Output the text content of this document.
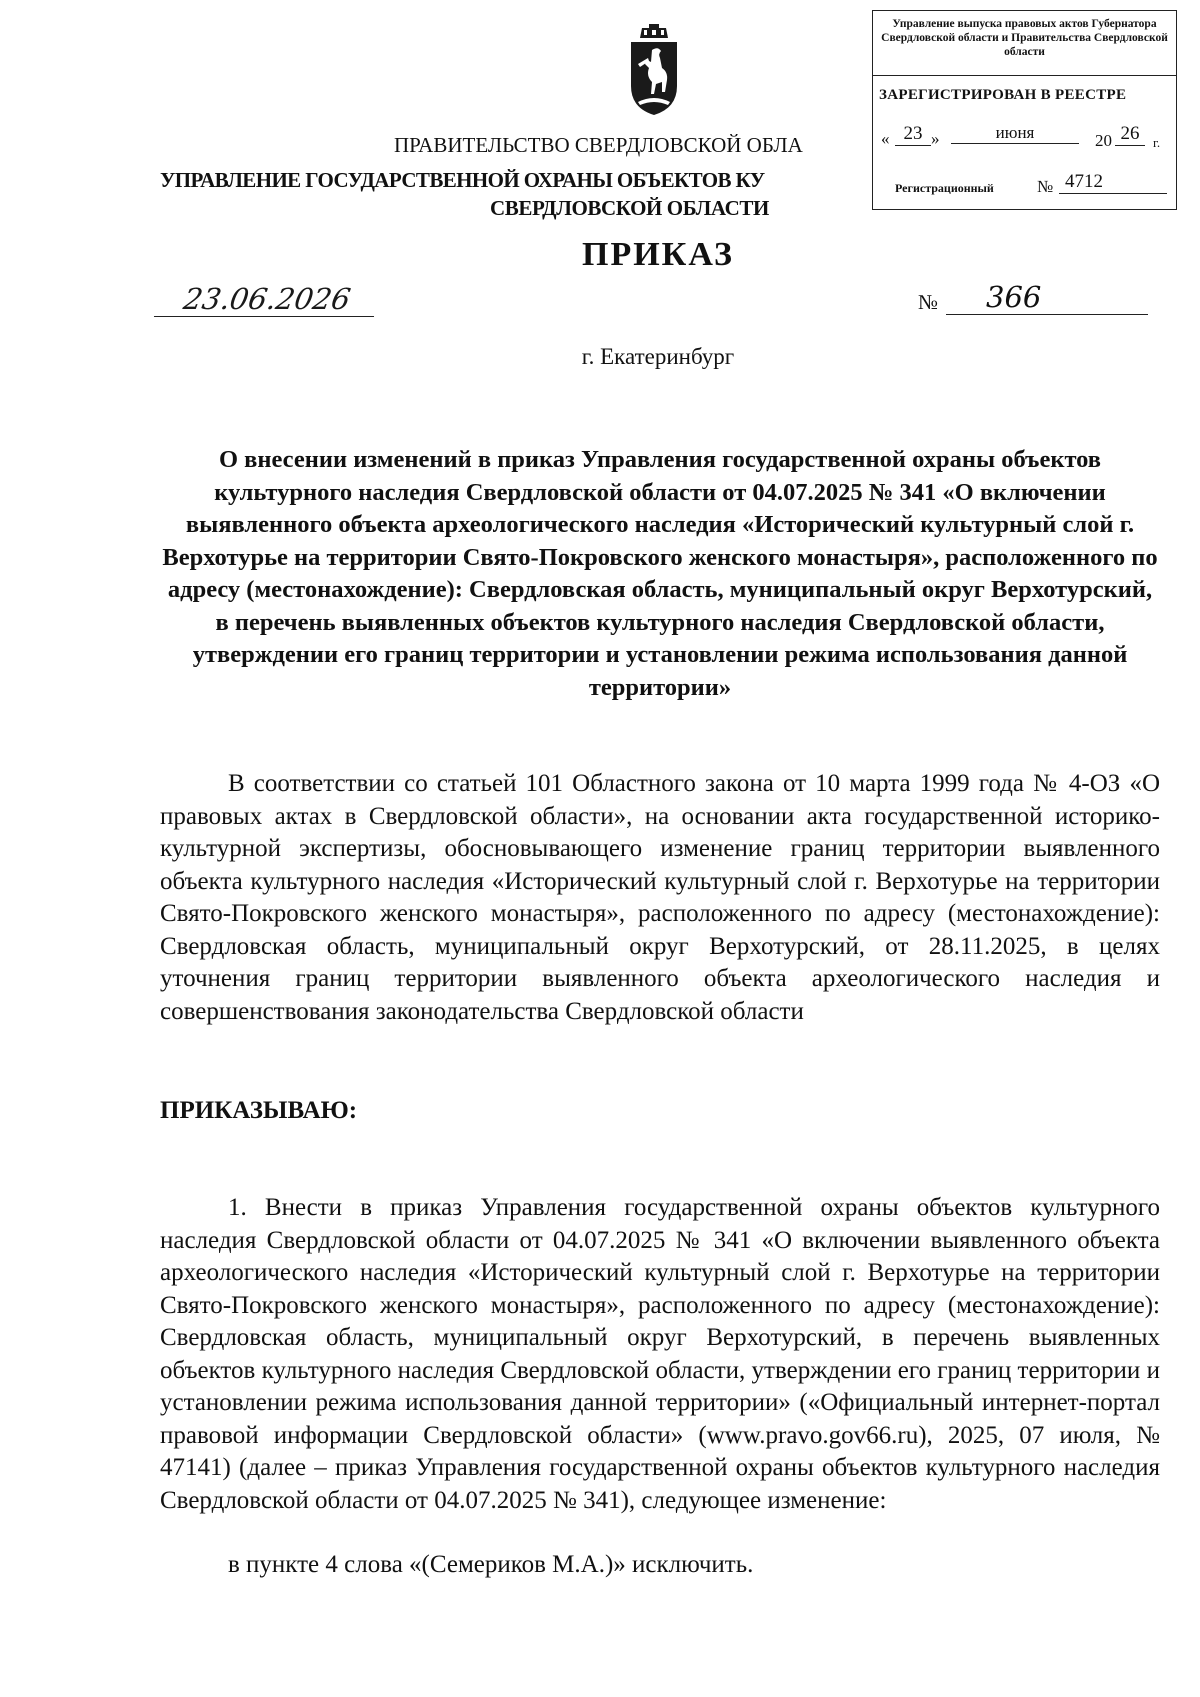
Управление выпуска правовых актов Губернатора Свердловской области и Правительства Свердловской области
ЗАРЕГИСТРИРОВАН В РЕЕСТРЕ
« 23 »	июня	20 26	г.
Регистрационный	№ 4712
ПРАВИТЕЛЬСТВО СВЕРДЛОВСКОЙ ОБЛА
УПРАВЛЕНИЕ ГОСУДАРСТВЕННОЙ ОХРАНЫ ОБЪЕКТОВ КУ
СВЕРДЛОВСКОЙ ОБЛАСТИ
ПРИКАЗ
23.06.2026	№	366
г. Екатеринбург
О внесении изменений в приказ Управления государственной охраны объектов культурного наследия Свердловской области от 04.07.2025 № 341 «О включении выявленного объекта археологического наследия «Исторический культурный слой г. Верхотурье на территории Свято-Покровского женского монастыря», расположенного по адресу (местонахождение): Свердловская область, муниципальный округ Верхотурский, в перечень выявленных объектов культурного наследия Свердловской области, утверждении его границ территории и установлении режима использования данной территории»
В соответствии со статьей 101 Областного закона от 10 марта 1999 года № 4-ОЗ «О правовых актах в Свердловской области», на основании акта государственной историко-культурной экспертизы, обосновывающего изменение границ территории выявленного объекта культурного наследия «Исторический культурный слой г. Верхотурье на территории Свято-Покровского женского монастыря», расположенного по адресу (местонахождение): Свердловская область, муниципальный округ Верхотурский, от 28.11.2025, в целях уточнения границ территории выявленного объекта археологического наследия и совершенствования законодательства Свердловской области
ПРИКАЗЫВАЮ:
1. Внести в приказ Управления государственной охраны объектов культурного наследия Свердловской области от 04.07.2025 № 341 «О включении выявленного объекта археологического наследия «Исторический культурный слой г. Верхотурье на территории Свято-Покровского женского монастыря», расположенного по адресу (местонахождение): Свердловская область, муниципальный округ Верхотурский, в перечень выявленных объектов культурного наследия Свердловской области, утверждении его границ территории и установлении режима использования данной территории» («Официальный интернет-портал правовой информации Свердловской области» (www.pravo.gov66.ru), 2025, 07 июля, № 47141) (далее – приказ Управления государственной охраны объектов культурного наследия Свердловской области от 04.07.2025 № 341), следующее изменение:
в пункте 4 слова «(Семериков М.А.)» исключить.
